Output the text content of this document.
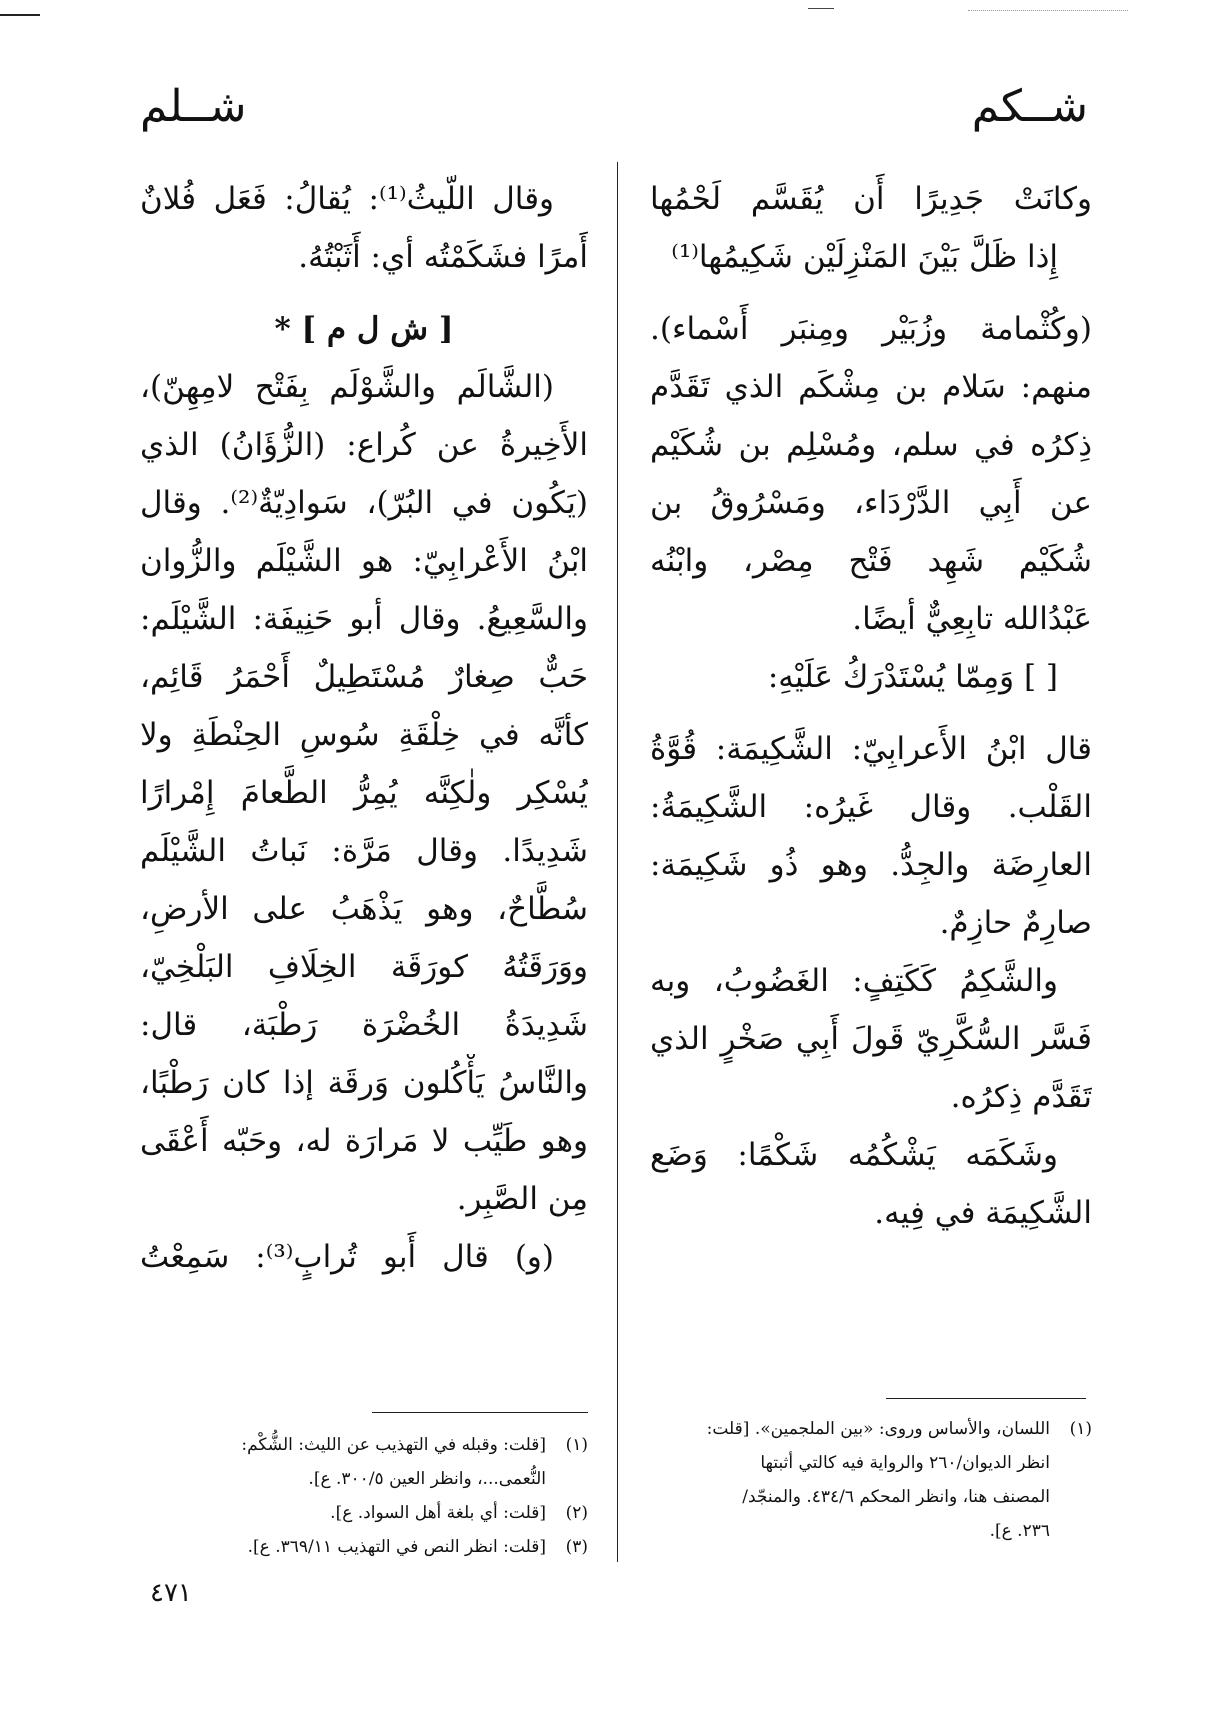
شــكم
شــلم
وكانَتْ جَدِيرًا أَن يُقَسَّم لَحْمُها
إِذا ظَلَّ بَيْنَ المَنْزِلَيْن شَكِيمُها⁽¹⁾
(وكُثْمامة وزُبَيْر ومِنبَر أَسْماء).
منهم: سَلام بن مِشْكَم الذي تَقَدَّم
ذِكرُه في سلم، ومُسْلِم بن شُكَيْم
عن أَبِي الدَّرْدَاء، ومَسْرُوقُ بن
شُكَيْم شَهِد فَتْح مِصْر، وابْنُه
عَبْدُالله تابِعِيٌّ أيضًا.
[ ] وَمِمّا يُسْتَدْرَكُ عَلَيْهِ:
قال ابْنُ الأَعرابِيّ: الشَّكِيمَة: قُوَّةُ
القَلْب. وقال غَيرُه: الشَّكِيمَةُ:
العارِضَة والجِدُّ. وهو ذُو شَكِيمَة:
صارِمٌ حازِمٌ.
والشَّكِمُ كَكَتِفٍ: الغَضُوبُ، وبه
فَسَّر السُّكَّرِيّ قَولَ أَبِي صَخْرٍ الذي
تَقَدَّم ذِكرُه.
وشَكَمَه يَشْكُمُه شَكْمًا: وَضَع
الشَّكِيمَة في فِيه.
وقال اللّيثُ⁽¹⁾: يُقالُ: فَعَل فُلانٌ
أَمرًا فشَكَمْتُه أي: أَثَبْتُهُ.
[ ش ل م ] *
(الشَّالَم والشَّوْلَم بِفَتْح لامِهِنّ)،
الأَخِيرةُ عن كُراع: (الزُّؤَانُ) الذي
(يَكُون في البُرّ)، سَوادِيّةٌ⁽²⁾. وقال
ابْنُ الأَعْرابِيّ: هو الشَّيْلَم والزُّوان
والسَّعِيعُ. وقال أبو حَنِيفَة: الشَّيْلَم:
حَبٌّ صِغارٌ مُسْتَطِيلٌ أَحْمَرُ قَائِم،
كأنَّه في خِلْقَةِ سُوسِ الحِنْطَةِ ولا
يُسْكِر ولٰكِنَّه يُمِرُّ الطَّعامَ إِمْرارًا
شَدِيدًا. وقال مَرَّة: نَباتُ الشَّيْلَم
سُطَّاحٌ، وهو يَذْهَبُ على الأرضِ،
ووَرَقَتُهُ كورَقَة الخِلَافِ البَلْخِيّ،
شَدِيدَةُ الخُضْرَة رَطْبَة، قال:
والنَّاسُ يَأْكُلون وَرقَة إذا كان رَطْبًا،
وهو طَيِّب لا مَرارَة له، وحَبّه أَعْقَى
مِن الصَّبِر.
(و) قال أَبو تُرابٍ⁽³⁾: سَمِعْتُ
(١)اللسان، والأساس وروى: «بين الملجمين». [قلت:
انظر الديوان/٢٦٠ والرواية فيه كالتي أثبتها
المصنف هنا، وانظر المحكم ٤٣٤/٦. والمنجّد/
٢٣٦. ع].
(١)[قلت: وقبله في التهذيب عن الليث: الشُّكْم:
النُّعمى...، وانظر العين ٣٠٠/٥. ع].
(٢)[قلت: أي بلغة أهل السواد. ع].
(٣)[قلت: انظر النص في التهذيب ٣٦٩/١١. ع].
٤٧١
